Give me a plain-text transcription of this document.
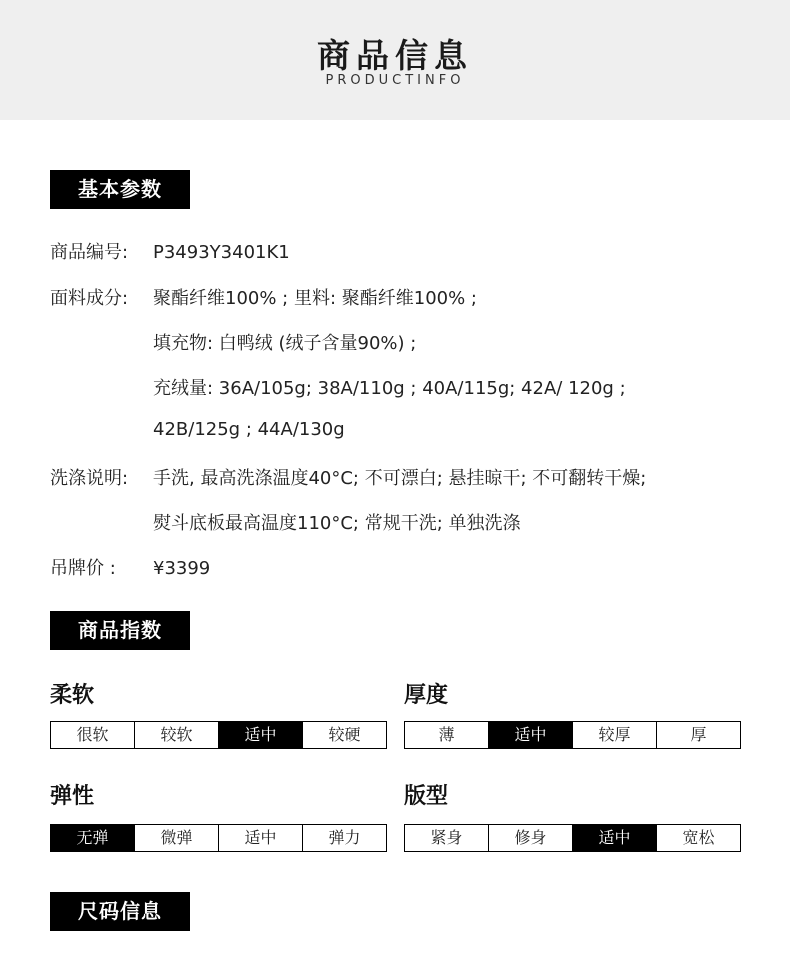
商品信息
PRODUCTINFO
基本参数
商品编号: P3493Y3401K1
面料成分: 聚酯纤维100% ; 里料: 聚酯纤维100% ;
填充物: 白鸭绒 (绒子含量90%) ;
充绒量: 36A/105g; 38A/110g ; 40A/115g; 42A/ 120g ;
42B/125g ; 44A/130g
洗涤说明: 手洗, 最高洗涤温度40°C; 不可漂白; 悬挂晾干; 不可翻转干燥;
熨斗底板最高温度110°C; 常规干洗; 单独洗涤
吊牌价 : ¥3399
商品指数
柔软
很软	较软	适中	较硬
厚度
薄	适中	较厚	厚
弹性
无弹	微弹	适中	弹力
版型
紧身	修身	适中	宽松
尺码信息
